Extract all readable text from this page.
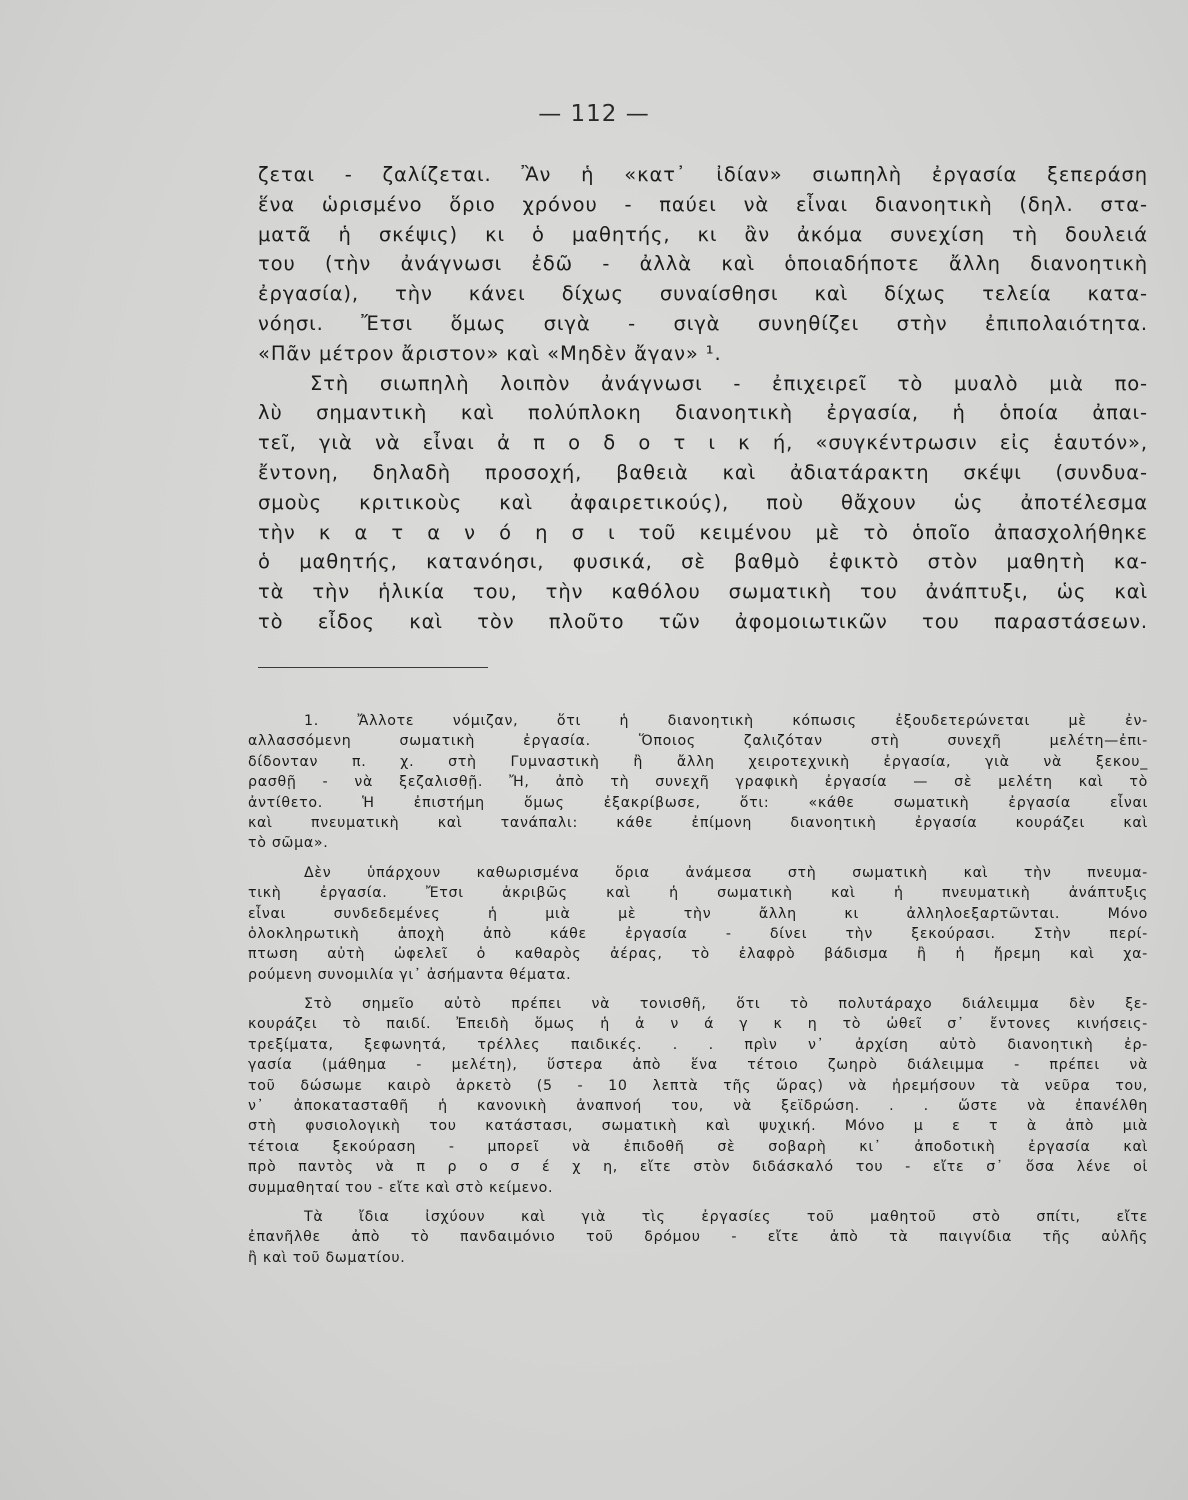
— 112 —
ζεται - ζαλίζεται. Ἂν ἡ «κατ᾽ ἰδίαν» σιωπηλὴ ἐργασία ξεπεράση
ἕνα ὡρισμένο ὅριο χρόνου - παύει νὰ εἶναι διανοητικὴ (δηλ. στα-
ματᾶ ἡ σκέψις) κι ὁ μαθητής, κι ἂν ἀκόμα συνεχίση τὴ δουλειά
του (τὴν ἀνάγνωσι ἐδῶ - ἀλλὰ καὶ ὁποιαδήποτε ἄλλη διανοητικὴ
ἐργασία), τὴν κάνει δίχως συναίσθησι καὶ δίχως τελεία κατα-
νόησι. Ἔτσι ὅμως σιγὰ - σιγὰ συνηθίζει στὴν ἐπιπολαιότητα.
«Πᾶν μέτρον ἄριστον» καὶ «Μηδὲν ἄγαν» ¹.
Στὴ σιωπηλὴ λοιπὸν ἀνάγνωσι - ἐπιχειρεῖ τὸ μυαλὸ μιὰ πο-
λὺ σημαντικὴ καὶ πολύπλοκη διανοητικὴ ἐργασία, ἡ ὁποία ἀπαι-
τεῖ, γιὰ νὰ εἶναι ἀ π ο δ ο τ ι κ ή, «συγκέντρωσιν εἰς ἑαυτόν»,
ἔντονη, δηλαδὴ προσοχή, βαθειὰ καὶ ἀδιατάρακτη σκέψι (συνδυα-
σμοὺς κριτικοὺς καὶ ἀφαιρετικούς), ποὺ θἄχουν ὡς ἀποτέλεσμα
τὴν κ α τ α ν ό η σ ι τοῦ κειμένου μὲ τὸ ὁποῖο ἀπασχολήθηκε
ὁ μαθητής, κατανόησι, φυσικά, σὲ βαθμὸ ἐφικτὸ στὸν μαθητὴ κα-
τὰ τὴν ἡλικία του, τὴν καθόλου σωματικὴ του ἀνάπτυξι, ὡς καὶ
τὸ εἶδος καὶ τὸν πλοῦτο τῶν ἀφομοιωτικῶν του παραστάσεων.
1. Ἄλλοτε νόμιζαν, ὅτι ἡ διανοητικὴ κόπωσις ἐξουδετερώνεται μὲ ἐν-
αλλασσόμενη σωματικὴ ἐργασία. Ὅποιος ζαλιζόταν στὴ συνεχῆ μελέτη—ἐπι-
δίδονταν π. χ. στὴ Γυμναστικὴ ἢ ἄλλη χειροτεχνικὴ ἐργασία, γιὰ νὰ ξεκου_
ρασθῇ - νὰ ξεζαλισθῇ. Ἤ, ἀπὸ τὴ συνεχῆ γραφικὴ ἐργασία — σὲ μελέτη καὶ τὸ
ἀντίθετο. Ἡ ἐπιστήμη ὅμως ἐξακρίβωσε, ὅτι: «κάθε σωματικὴ ἐργασία εἶναι
καὶ πνευματικὴ καὶ τανάπαλι: κάθε ἐπίμονη διανοητικὴ ἐργασία κουράζει καὶ
τὸ σῶμα».
Δὲν ὑπάρχουν καθωρισμένα ὅρια ἀνάμεσα στὴ σωματικὴ καὶ τὴν πνευμα-
τικὴ ἐργασία. Ἔτσι ἀκριβῶς καὶ ἡ σωματικὴ καὶ ἡ πνευματικὴ ἀνάπτυξις
εἶναι συνδεδεμένες ἡ μιὰ μὲ τὴν ἄλλη κι ἀλληλοεξαρτῶνται. Μόνο
ὁλοκληρωτικὴ ἀποχὴ ἀπὸ κάθε ἐργασία - δίνει τὴν ξεκούρασι. Στὴν περί-
πτωση αὐτὴ ὠφελεῖ ὁ καθαρὸς ἀέρας, τὸ ἐλαφρὸ βάδισμα ἢ ἡ ἤρεμη καὶ χα-
ρούμενη συνομιλία γι᾽ ἀσήμαντα θέματα.
Στὸ σημεῖο αὐτὸ πρέπει νὰ τονισθῆ, ὅτι τὸ πολυτάραχο διάλειμμα δὲν ξε-
κουράζει τὸ παιδί. Ἐπειδὴ ὅμως ἡ ἀ ν ά γ κ η τὸ ὠθεῖ σ᾽ ἔντονες κινήσεις-
τρεξίματα, ξεφωνητά, τρέλλες παιδικές. . . πρὶν ν᾽ ἀρχίση αὐτὸ διανοητικὴ ἐρ-
γασία (μάθημα - μελέτη), ὕστερα ἀπὸ ἕνα τέτοιο ζωηρὸ διάλειμμα - πρέπει νὰ
τοῦ δώσωμε καιρὸ ἀρκετὸ (5 - 10 λεπτὰ τῆς ὥρας) νὰ ἠρεμήσουν τὰ νεῦρα του,
ν᾽ ἀποκατασταθῆ ἡ κανονικὴ ἀναπνοή του, νὰ ξεϊδρώση. . . ὥστε νὰ ἐπανέλθη
στὴ φυσιολογικὴ του κατάστασι, σωματικὴ καὶ ψυχική. Μόνο μ ε τ ὰ ἀπὸ μιὰ
τέτοια ξεκούραση - μπορεῖ νὰ ἐπιδοθῆ σὲ σοβαρὴ κι᾽ ἀποδοτικὴ ἐργασία καὶ
πρὸ παντὸς νὰ π ρ ο σ έ χ η, εἴτε στὸν διδάσκαλό του - εἴτε σ᾽ ὅσα λένε οἱ
συμμαθηταί του - εἴτε καὶ στὸ κείμενο.
Τὰ ἴδια ἰσχύουν καὶ γιὰ τὶς ἐργασίες τοῦ μαθητοῦ στὸ σπίτι, εἴτε
ἐπανῆλθε ἀπὸ τὸ πανδαιμόνιο τοῦ δρόμου - εἴτε ἀπὸ τὰ παιγνίδια τῆς αὐλῆς
ἢ καὶ τοῦ δωματίου.
